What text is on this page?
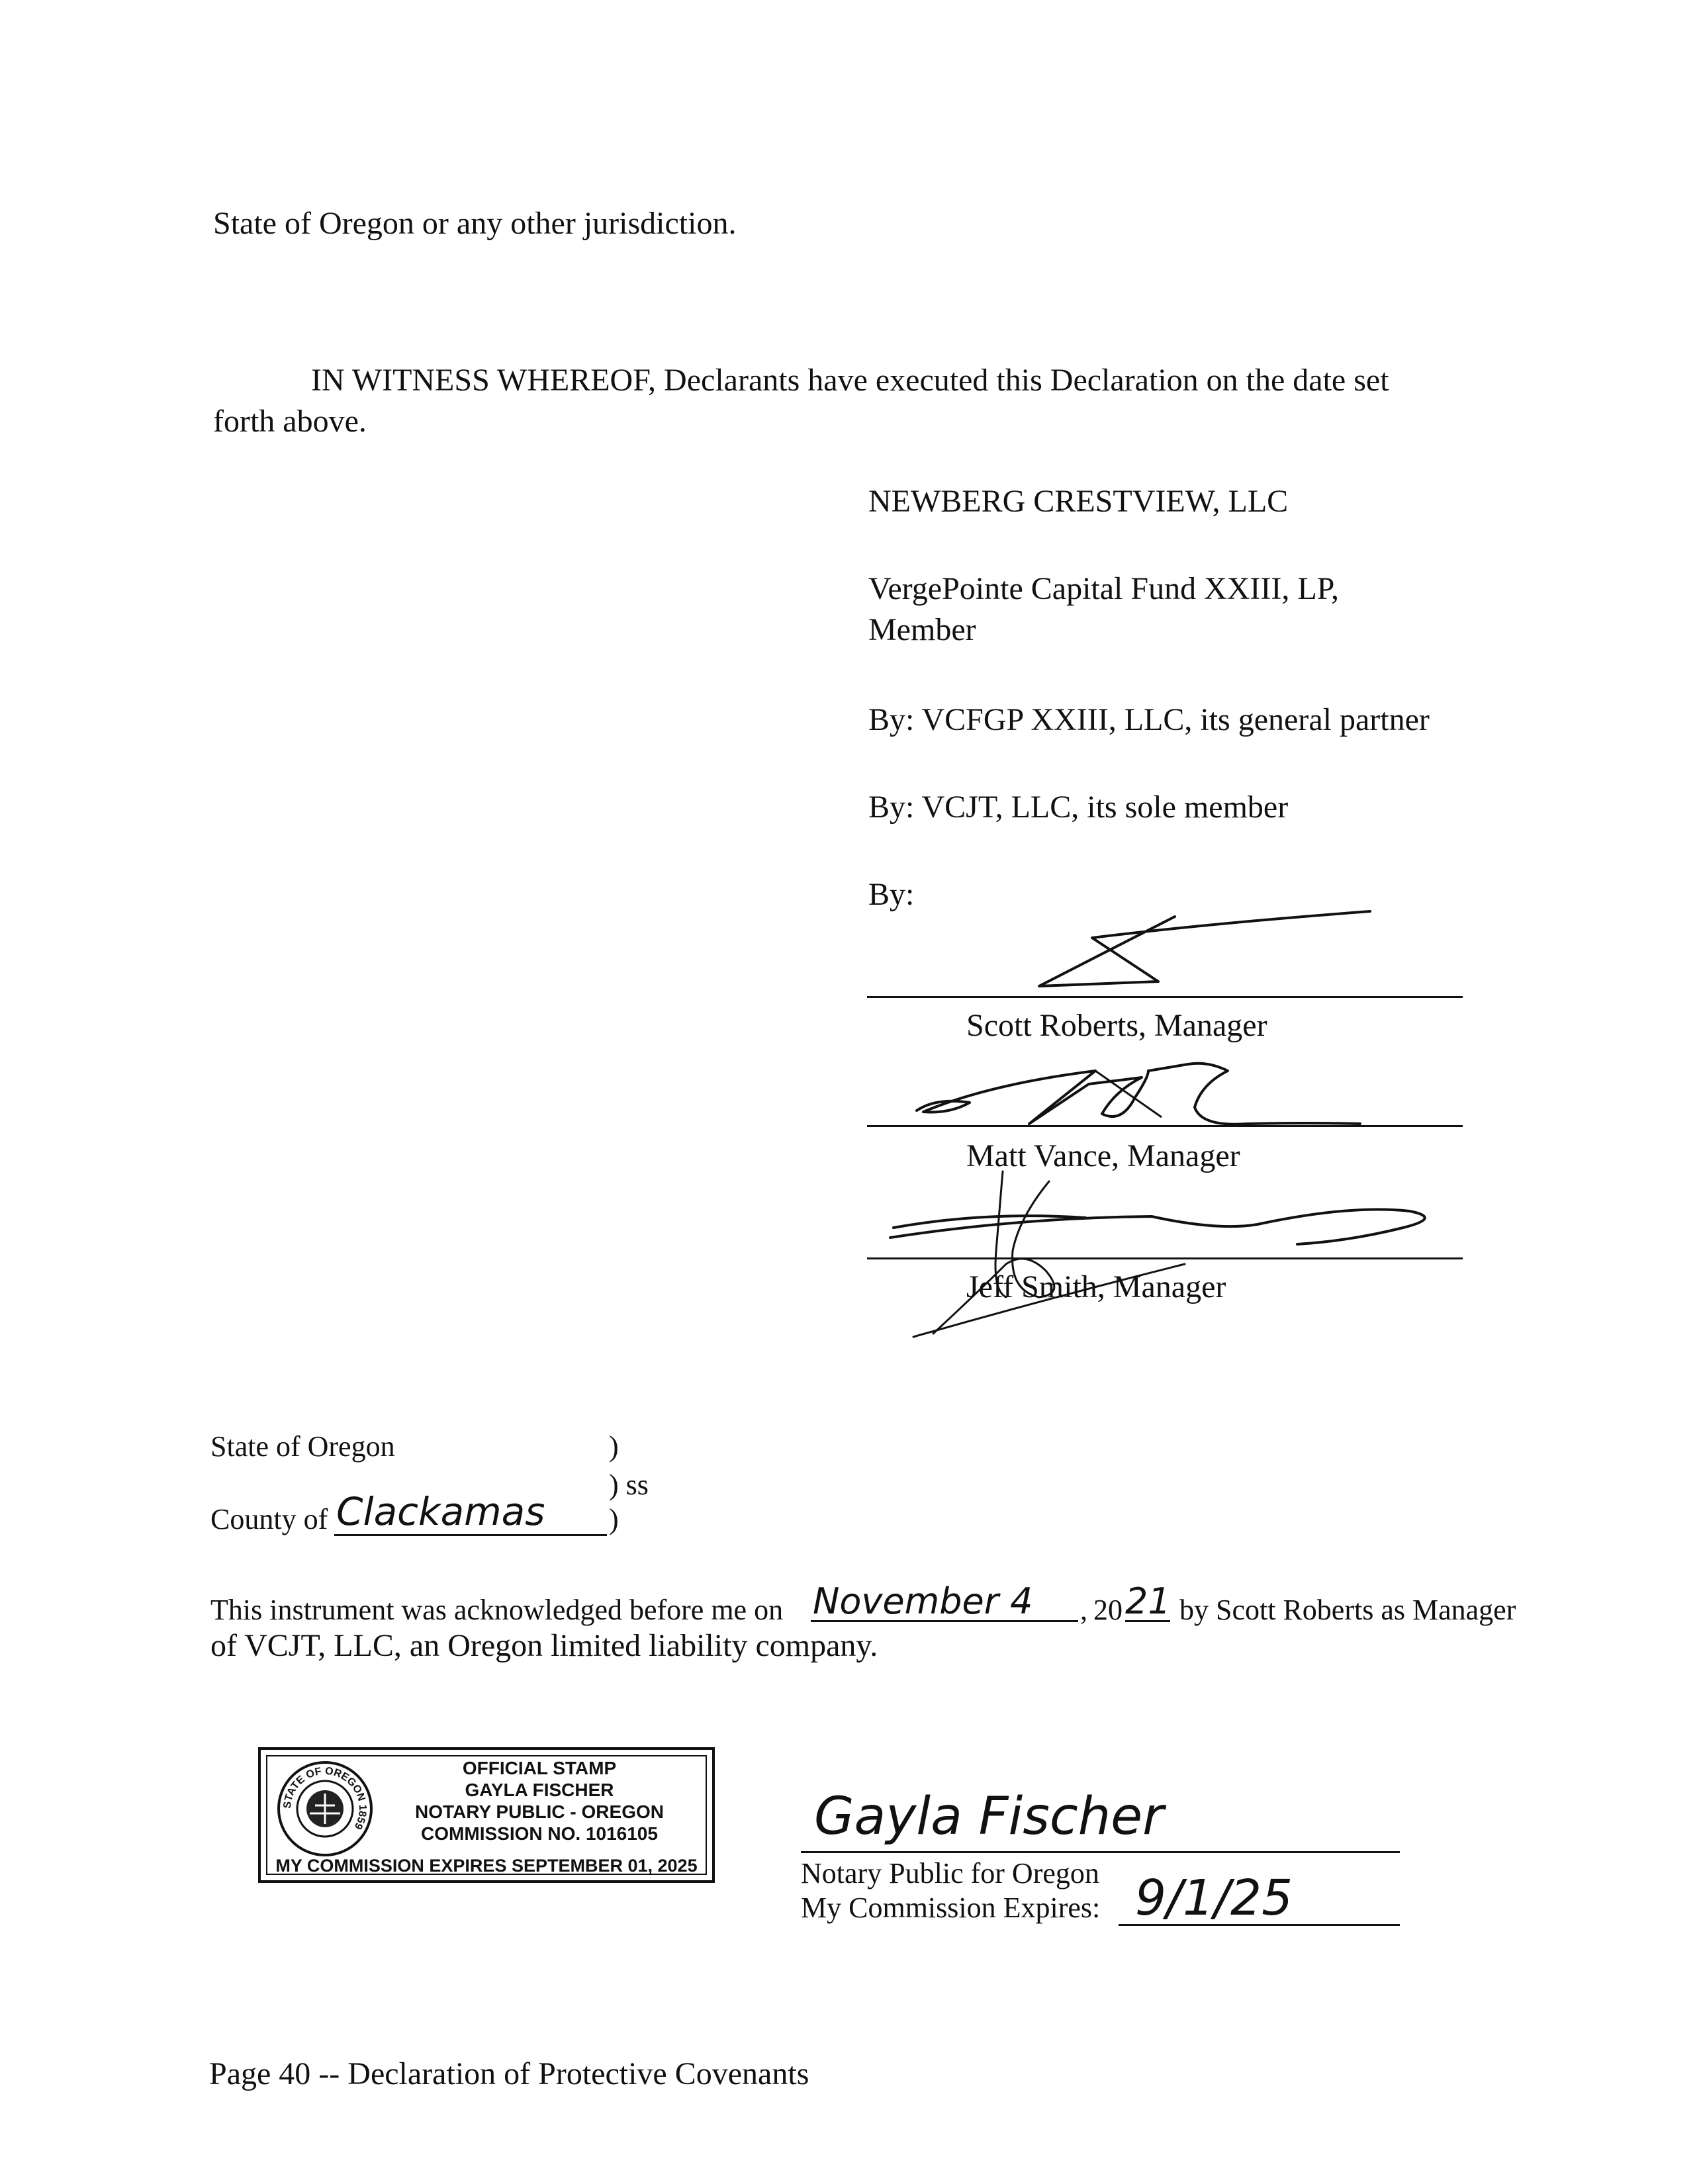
State of Oregon or any other jurisdiction.
IN WITNESS WHEREOF, Declarants have executed this Declaration on the date set
forth above.
NEWBERG CRESTVIEW, LLC
VergePointe Capital Fund XXIII, LP,
Member
By: VCFGP XXIII, LLC, its general partner
By: VCJT, LLC, its sole member
By:
Scott Roberts, Manager
Matt Vance, Manager
Jeff Smith, Manager
State of Oregon	)
) ss
County of Clackamas )
This instrument was acknowledged before me on November 4 , 20 21 by Scott Roberts as Manager
of VCJT, LLC, an Oregon limited liability company.
STATE OF OREGON 1859
OFFICIAL STAMP
GAYLA FISCHER
NOTARY PUBLIC - OREGON
COMMISSION NO. 1016105
MY COMMISSION EXPIRES SEPTEMBER 01, 2025
Gayla Fischer
Notary Public for Oregon
My Commission Expires: 9/1/25
Page 40 -- Declaration of Protective Covenants
